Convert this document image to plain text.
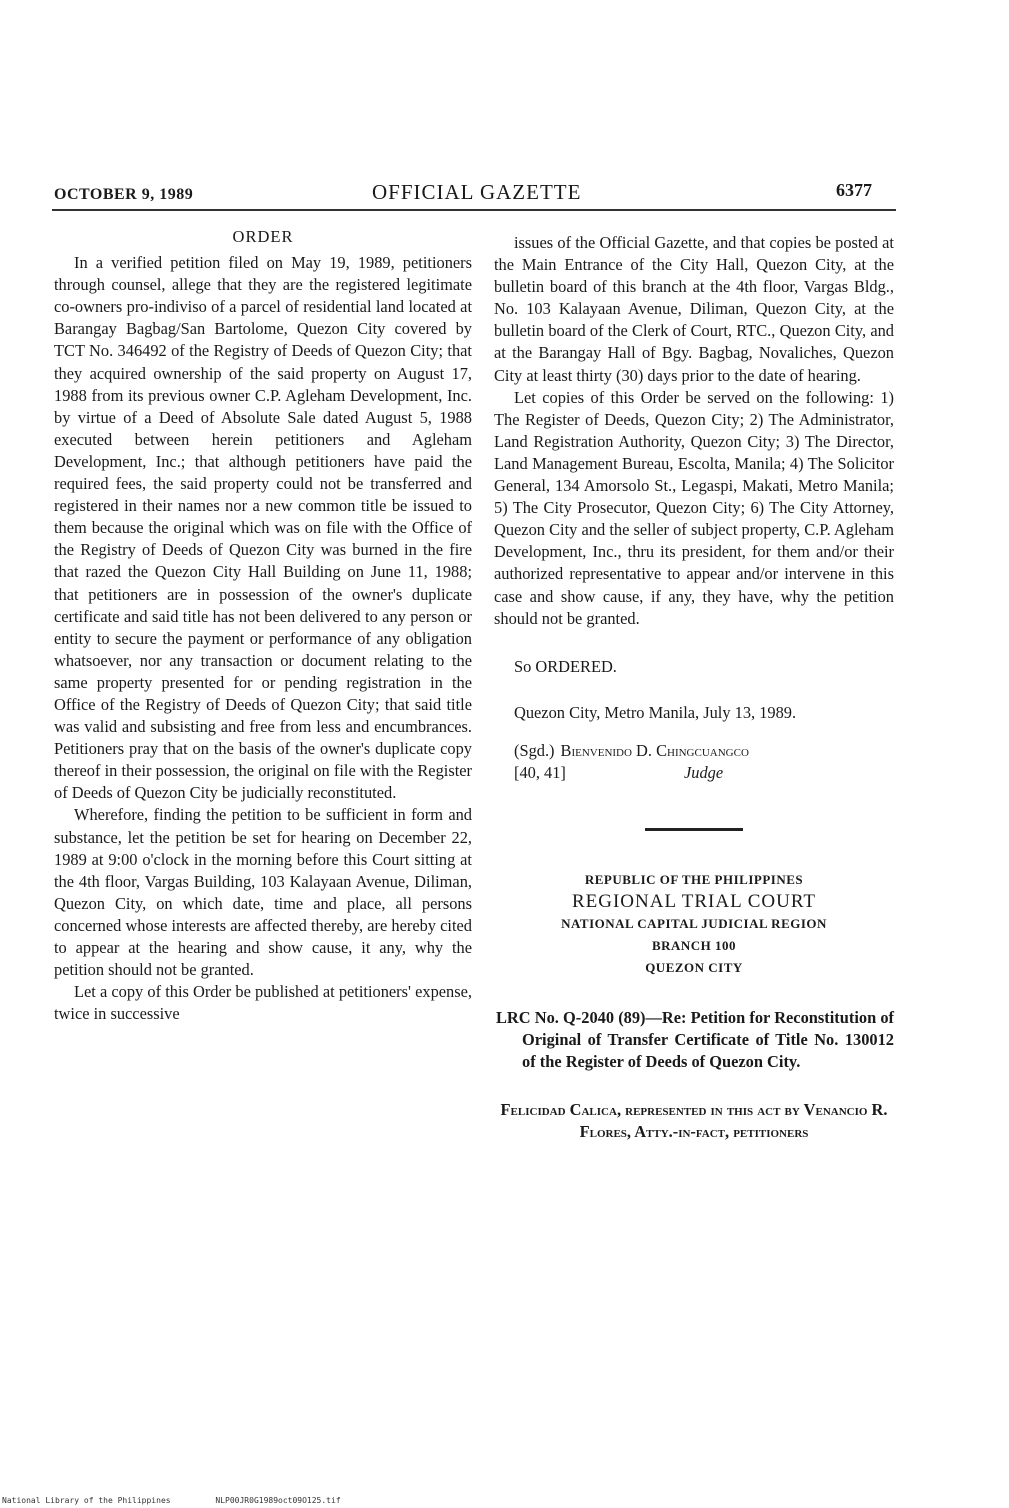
OCTOBER 9, 1989	OFFICIAL GAZETTE	6377

ORDER

In a verified petition filed on May 19, 1989, petitioners through counsel, allege that they are the registered legitimate co-owners pro-indiviso of a parcel of residential land located at Barangay Bagbag/San Bartolome, Quezon City covered by TCT No. 346492 of the Registry of Deeds of Quezon City; that they acquired ownership of the said property on August 17, 1988 from its previous owner C.P. Agleham Development, Inc. by virtue of a Deed of Absolute Sale dated August 5, 1988 executed between herein petitioners and Agleham Development, Inc.; that although petitioners have paid the required fees, the said property could not be transferred and registered in their names nor a new common title be issued to them because the original which was on file with the Office of the Registry of Deeds of Quezon City was burned in the fire that razed the Quezon City Hall Building on June 11, 1988; that petitioners are in possession of the owner's duplicate certificate and said title has not been delivered to any person or entity to secure the payment or performance of any obligation whatsoever, nor any transaction or document relating to the same property presented for or pending registration in the Office of the Registry of Deeds of Quezon City; that said title was valid and subsisting and free from less and encumbrances. Petitioners pray that on the basis of the owner's duplicate copy thereof in their possession, the original on file with the Register of Deeds of Quezon City be judicially reconstituted.

Wherefore, finding the petition to be sufficient in form and substance, let the petition be set for hearing on December 22, 1989 at 9:00 o'clock in the morning before this Court sitting at the 4th floor, Vargas Building, 103 Kalayaan Avenue, Diliman, Quezon City, on which date, time and place, all persons concerned whose interests are affected thereby, are hereby cited to appear at the hearing and show cause, it any, why the petition should not be granted.

Let a copy of this Order be published at petitioners' expense, twice in successive

issues of the Official Gazette, and that copies be posted at the Main Entrance of the City Hall, Quezon City, at the bulletin board of this branch at the 4th floor, Vargas Bldg., No. 103 Kalayaan Avenue, Diliman, Quezon City, at the bulletin board of the Clerk of Court, RTC., Quezon City, and at the Barangay Hall of Bgy. Bagbag, Novaliches, Quezon City at least thirty (30) days prior to the date of hearing.

Let copies of this Order be served on the following: 1) The Register of Deeds, Quezon City; 2) The Administrator, Land Registration Authority, Quezon City; 3) The Director, Land Management Bureau, Escolta, Manila; 4) The Solicitor General, 134 Amorsolo St., Legaspi, Makati, Metro Manila; 5) The City Prosecutor, Quezon City; 6) The City Attorney, Quezon City and the seller of subject property, C.P. Agleham Development, Inc., thru its president, for them and/or their authorized representative to appear and/or intervene in this case and show cause, if any, they have, why the petition should not be granted.

So ORDERED.

Quezon City, Metro Manila, July 13, 1989.

(Sgd.) Bienvenido D. Chingcuangco
[40, 41]	Judge
REPUBLIC OF THE PHILIPPINES
REGIONAL TRIAL COURT
NATIONAL CAPITAL JUDICIAL REGION
BRANCH 100
QUEZON CITY

LRC No. Q-2040 (89)—Re: Petition for Reconstitution of Original of Transfer Certificate of Title No. 130012 of the Register of Deeds of Quezon City.

Felicidad Calica, represented in this act by Venancio R. Flores, Atty.-in-fact, petitioners

National Library of the Philippines	NLP00JR0G1989oct09O125.tif
